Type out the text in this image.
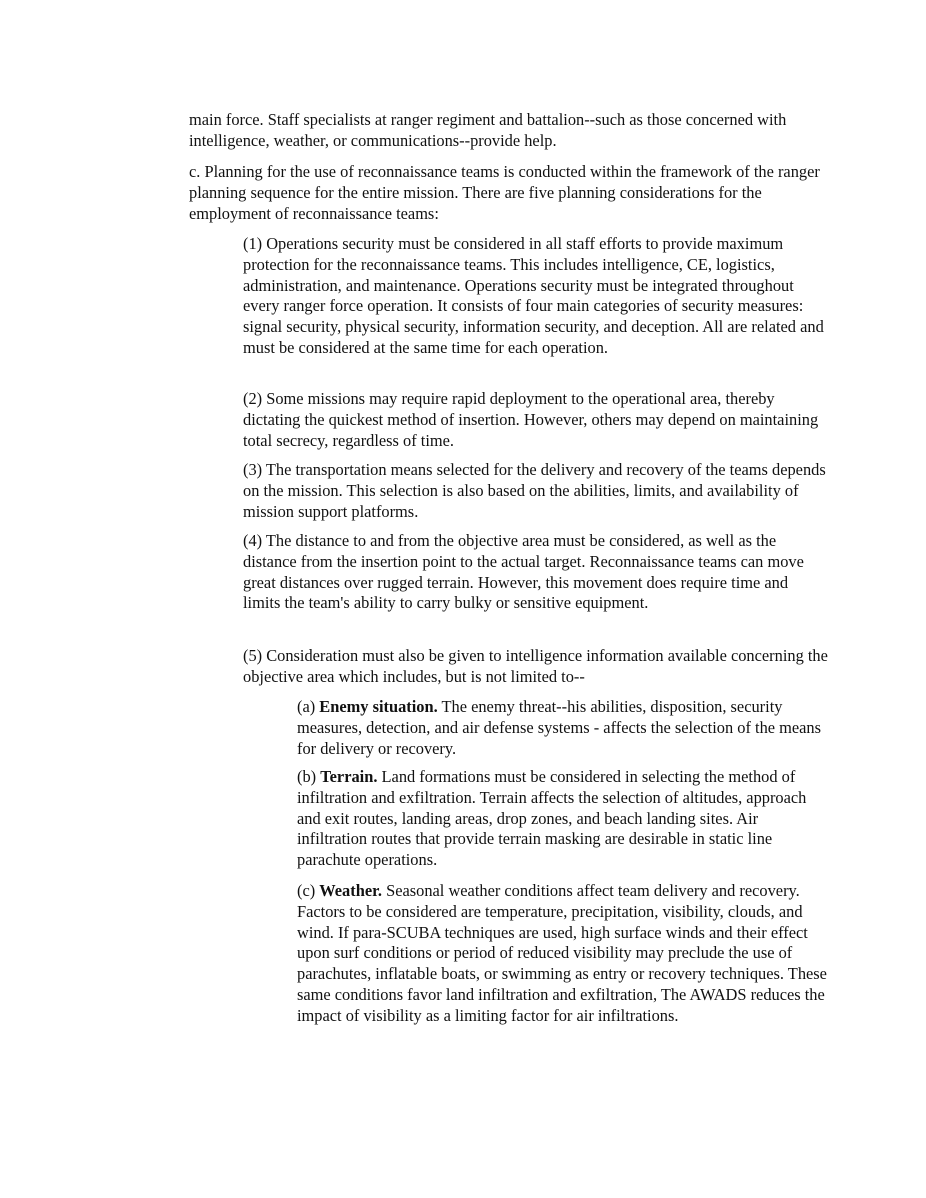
main force. Staff specialists at ranger regiment and battalion--such as those concerned with intelligence, weather, or communications--provide help.

c. Planning for the use of reconnaissance teams is conducted within the framework of the ranger planning sequence for the entire mission. There are five planning considerations for the employment of reconnaissance teams:

(1) Operations security must be considered in all staff efforts to provide maximum protection for the reconnaissance teams. This includes intelligence, CE, logistics, administration, and maintenance. Operations security must be integrated throughout every ranger force operation. It consists of four main categories of security measures: signal security, physical security, information security, and deception. All are related and must be considered at the same time for each operation.

(2) Some missions may require rapid deployment to the operational area, thereby dictating the quickest method of insertion. However, others may depend on maintaining total secrecy, regardless of time.

(3) The transportation means selected for the delivery and recovery of the teams depends on the mission. This selection is also based on the abilities, limits, and availability of mission support platforms.

(4) The distance to and from the objective area must be considered, as well as the distance from the insertion point to the actual target. Reconnaissance teams can move great distances over rugged terrain. However, this movement does require time and limits the team's ability to carry bulky or sensitive equipment.

(5) Consideration must also be given to intelligence information available concerning the objective area which includes, but is not limited to--

(a) Enemy situation. The enemy threat--his abilities, disposition, security measures, detection, and air defense systems - affects the selection of the means for delivery or recovery.

(b) Terrain. Land formations must be considered in selecting the method of infiltration and exfiltration. Terrain affects the selection of altitudes, approach and exit routes, landing areas, drop zones, and beach landing sites. Air infiltration routes that provide terrain masking are desirable in static line parachute operations.

(c) Weather. Seasonal weather conditions affect team delivery and recovery. Factors to be considered are temperature, precipitation, visibility, clouds, and wind. If para-SCUBA techniques are used, high surface winds and their effect upon surf conditions or period of reduced visibility may preclude the use of parachutes, inflatable boats, or swimming as entry or recovery techniques. These same conditions favor land infiltration and exfiltration, The AWADS reduces the impact of visibility as a limiting factor for air infiltrations.
